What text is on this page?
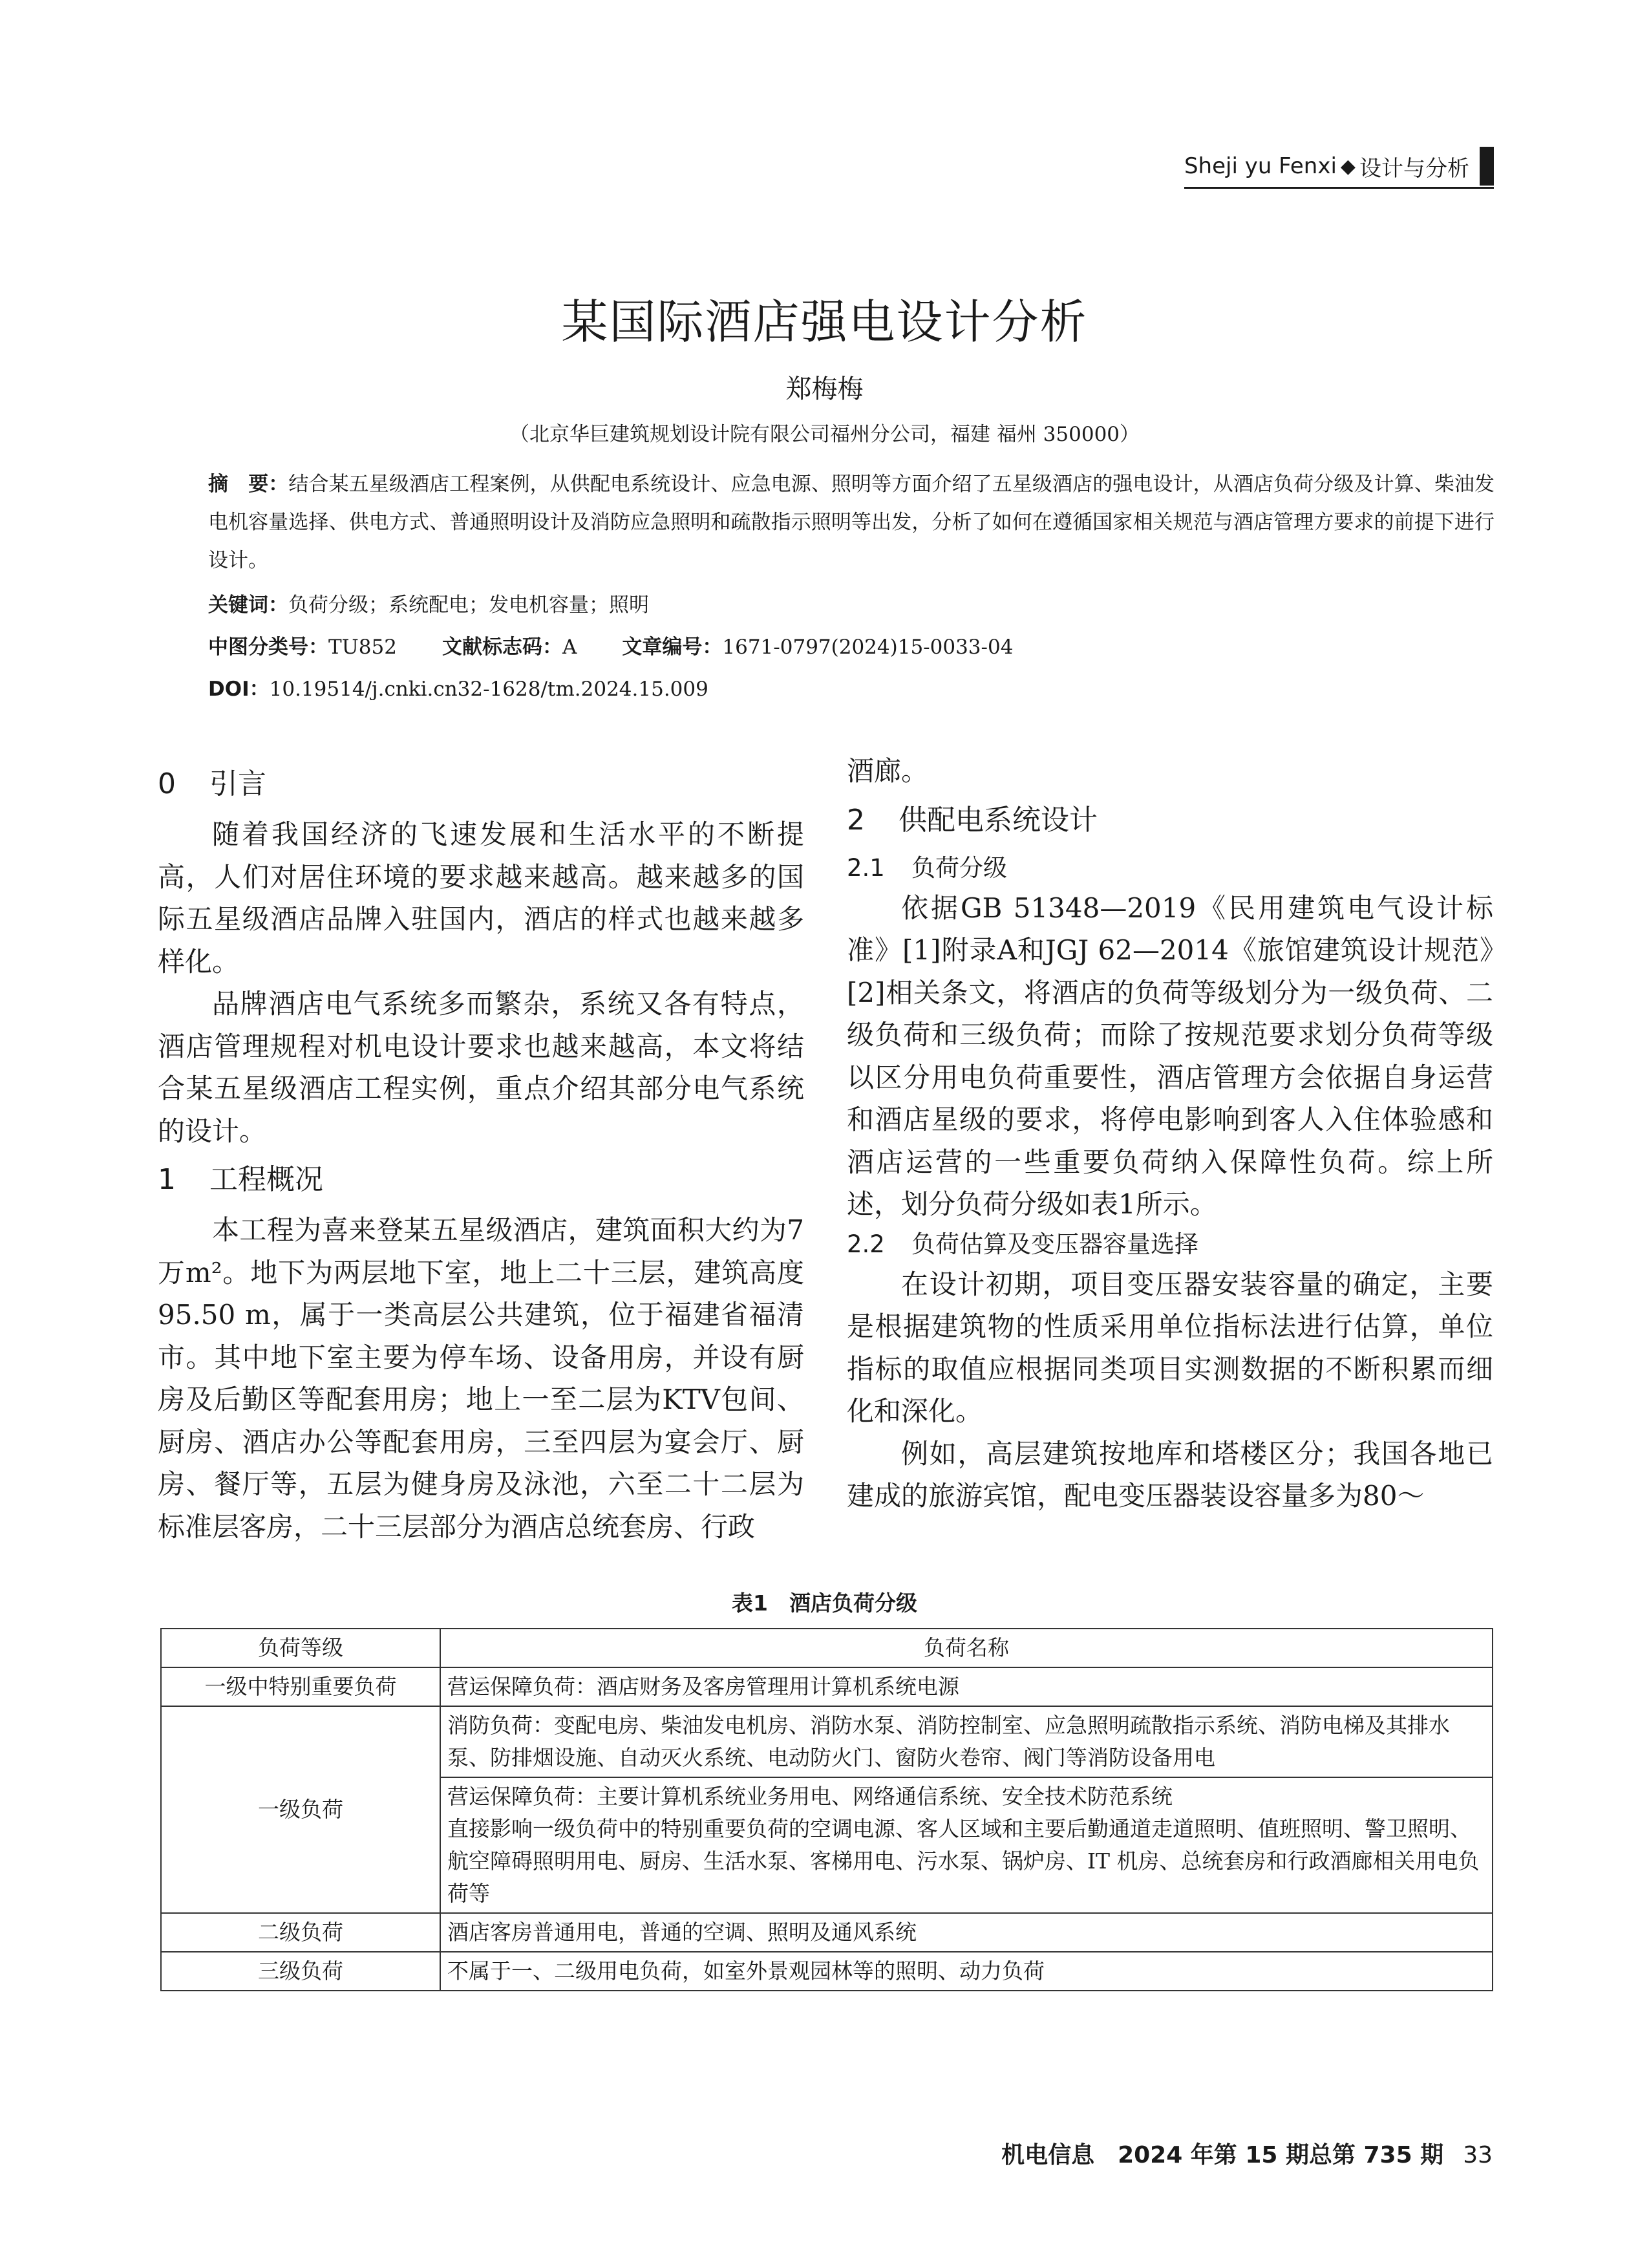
Sheji yu Fenxi ◆ 设计与分析
某国际酒店强电设计分析
郑梅梅
（北京华巨建筑规划设计院有限公司福州分公司，福建 福州 350000）
摘　要：结合某五星级酒店工程案例，从供配电系统设计、应急电源、照明等方面介绍了五星级酒店的强电设计，从酒店负荷分级及计算、柴油发电机容量选择、供电方式、普通照明设计及消防应急照明和疏散指示照明等出发，分析了如何在遵循国家相关规范与酒店管理方要求的前提下进行设计。
关键词：负荷分级；系统配电；发电机容量；照明
中图分类号：TU852 文献标志码：A 文章编号：1671-0797(2024)15-0033-04
DOI：10.19514/j.cnki.cn32-1628/tm.2024.15.009
0 引言

随着我国经济的飞速发展和生活水平的不断提高，人们对居住环境的要求越来越高。越来越多的国际五星级酒店品牌入驻国内，酒店的样式也越来越多样化。

品牌酒店电气系统多而繁杂，系统又各有特点，酒店管理规程对机电设计要求也越来越高，本文将结合某五星级酒店工程实例，重点介绍其部分电气系统的设计。

1 工程概况

本工程为喜来登某五星级酒店，建筑面积大约为7万m²。地下为两层地下室，地上二十三层，建筑高度95.50 m，属于一类高层公共建筑，位于福建省福清市。其中地下室主要为停车场、设备用房，并设有厨房及后勤区等配套用房；地上一至二层为KTV包间、厨房、酒店办公等配套用房，三至四层为宴会厅、厨房、餐厅等，五层为健身房及泳池，六至二十二层为标准层客房，二十三层部分为酒店总统套房、行政

酒廊。

2 供配电系统设计
2.1 负荷分级

依据GB 51348—2019《民用建筑电气设计标准》[1]附录A和JGJ 62—2014《旅馆建筑设计规范》[2]相关条文，将酒店的负荷等级划分为一级负荷、二级负荷和三级负荷；而除了按规范要求划分负荷等级以区分用电负荷重要性，酒店管理方会依据自身运营和酒店星级的要求，将停电影响到客人入住体验感和酒店运营的一些重要负荷纳入保障性负荷。综上所述，划分负荷分级如表1所示。

2.2 负荷估算及变压器容量选择

在设计初期，项目变压器安装容量的确定，主要是根据建筑物的性质采用单位指标法进行估算，单位指标的取值应根据同类项目实测数据的不断积累而细化和深化。

例如，高层建筑按地库和塔楼区分；我国各地已建成的旅游宾馆，配电变压器装设容量多为80～

表1　酒店负荷分级
负荷等级	负荷名称
一级中特别重要负荷	营运保障负荷：酒店财务及客房管理用计算机系统电源
一级负荷	消防负荷：变配电房、柴油发电机房、消防水泵、消防控制室、应急照明疏散指示系统、消防电梯及其排水泵、防排烟设施、自动灭火系统、电动防火门、窗防火卷帘、阀门等消防设备用电

	营运保障负荷：主要计算机系统业务用电、网络通信系统、安全技术防范系统
直接影响一级负荷中的特别重要负荷的空调电源、客人区域和主要后勤通道走道照明、值班照明、警卫照明、航空障碍照明用电、厨房、生活水泵、客梯用电、污水泵、锅炉房、IT 机房、总统套房和行政酒廊相关用电负荷等

二级负荷	酒店客房普通用电，普通的空调、照明及通风系统
三级负荷	不属于一、二级用电负荷，如室外景观园林等的照明、动力负荷
机电信息　2024 年第 15 期总第 735 期 33
